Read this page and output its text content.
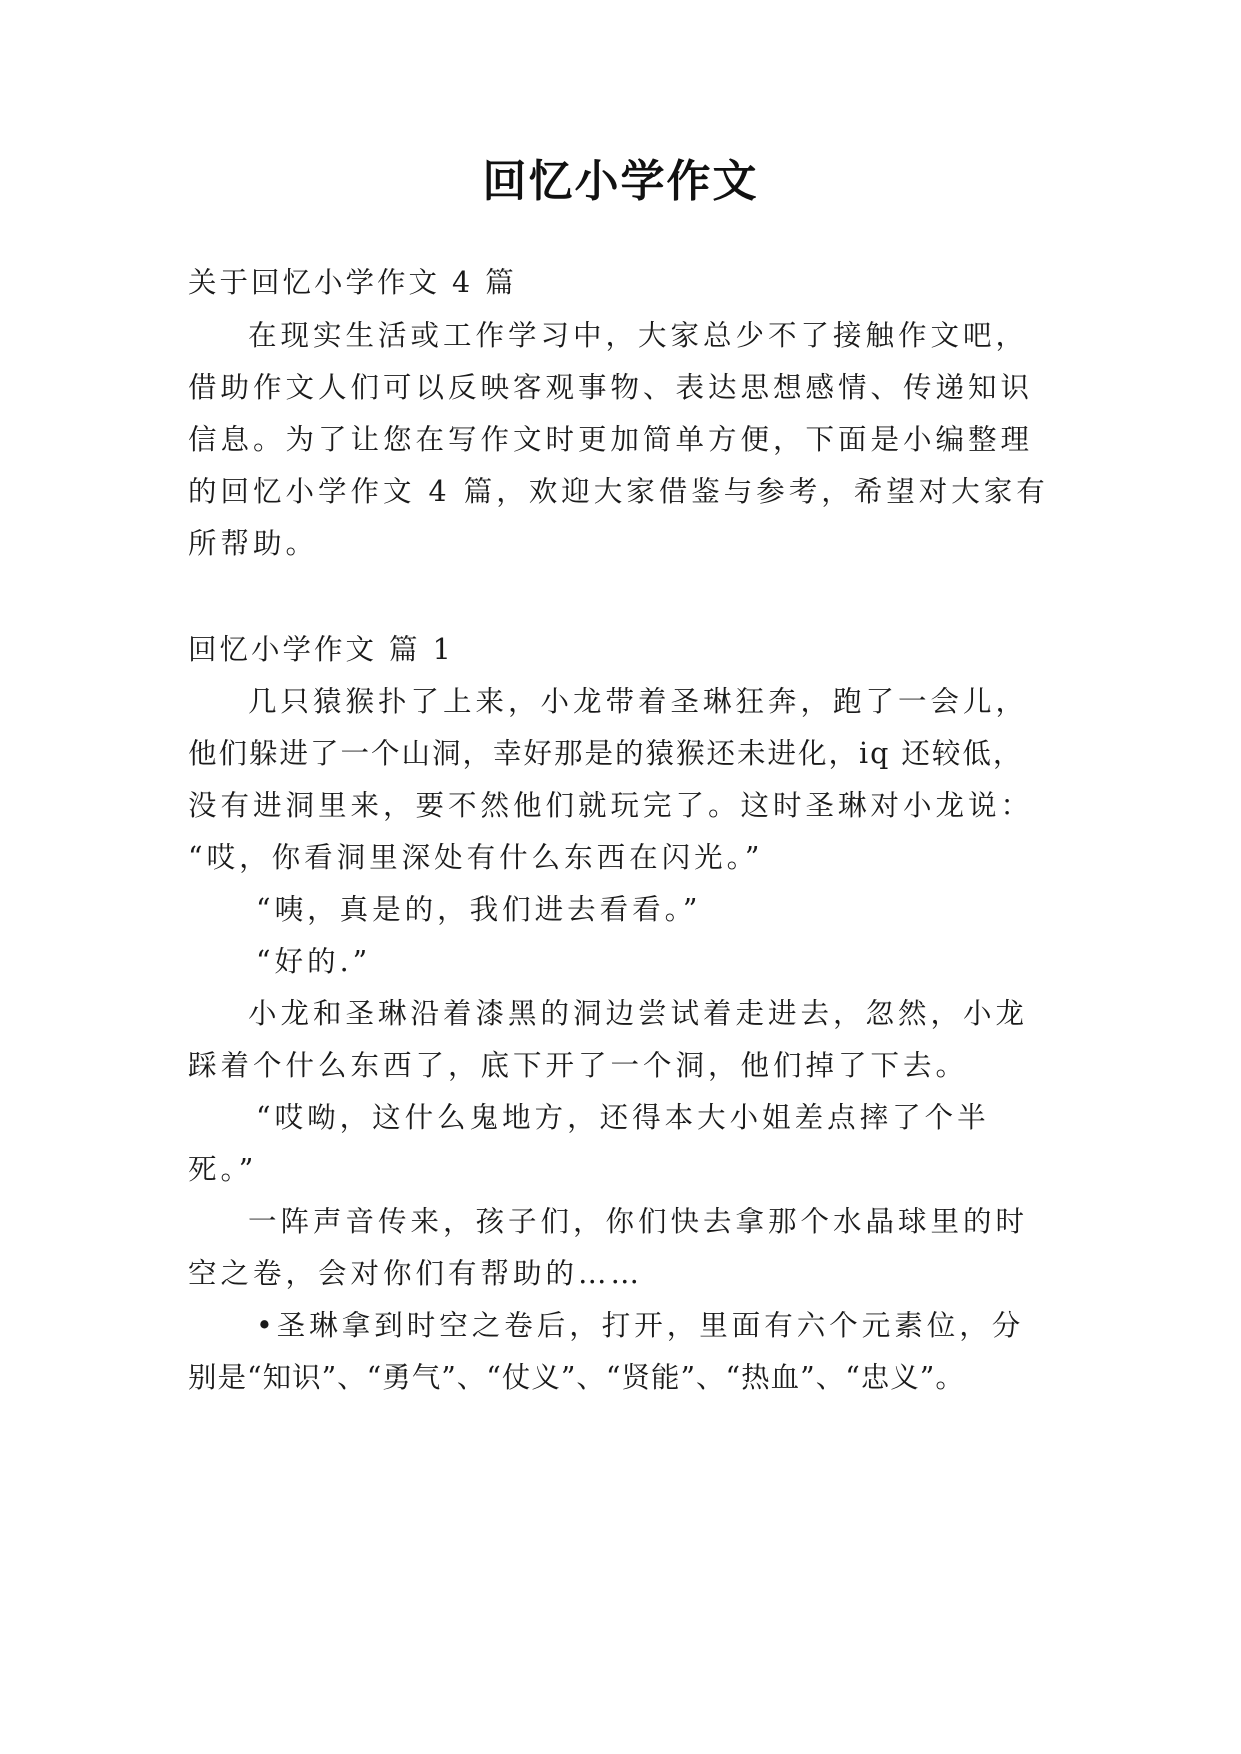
回忆小学作文
关于回忆小学作文 4 篇
在现实生活或工作学习中，大家总少不了接触作文吧，
借助作文人们可以反映客观事物、表达思想感情、传递知识
信息。为了让您在写作文时更加简单方便，下面是小编整理
的回忆小学作文 4 篇，欢迎大家借鉴与参考，希望对大家有
所帮助。
回忆小学作文 篇 1
几只猿猴扑了上来，小龙带着圣琳狂奔，跑了一会儿，
他们躲进了一个山洞，幸好那是的猿猴还未进化，iq 还较低，
没有进洞里来，要不然他们就玩完了。这时圣琳对小龙说：
“哎，你看洞里深处有什么东西在闪光。”
“咦，真是的，我们进去看看。”
“好的.”
小龙和圣琳沿着漆黑的洞边尝试着走进去，忽然，小龙
踩着个什么东西了，底下开了一个洞，他们掉了下去。
“哎呦，这什么鬼地方，还得本大小姐差点摔了个半
死。”
一阵声音传来，孩子们，你们快去拿那个水晶球里的时
空之卷，会对你们有帮助的……
•圣琳拿到时空之卷后，打开，里面有六个元素位，分
别是“知识”、“勇气”、“仗义”、“贤能”、“热血”、“忠义”。
